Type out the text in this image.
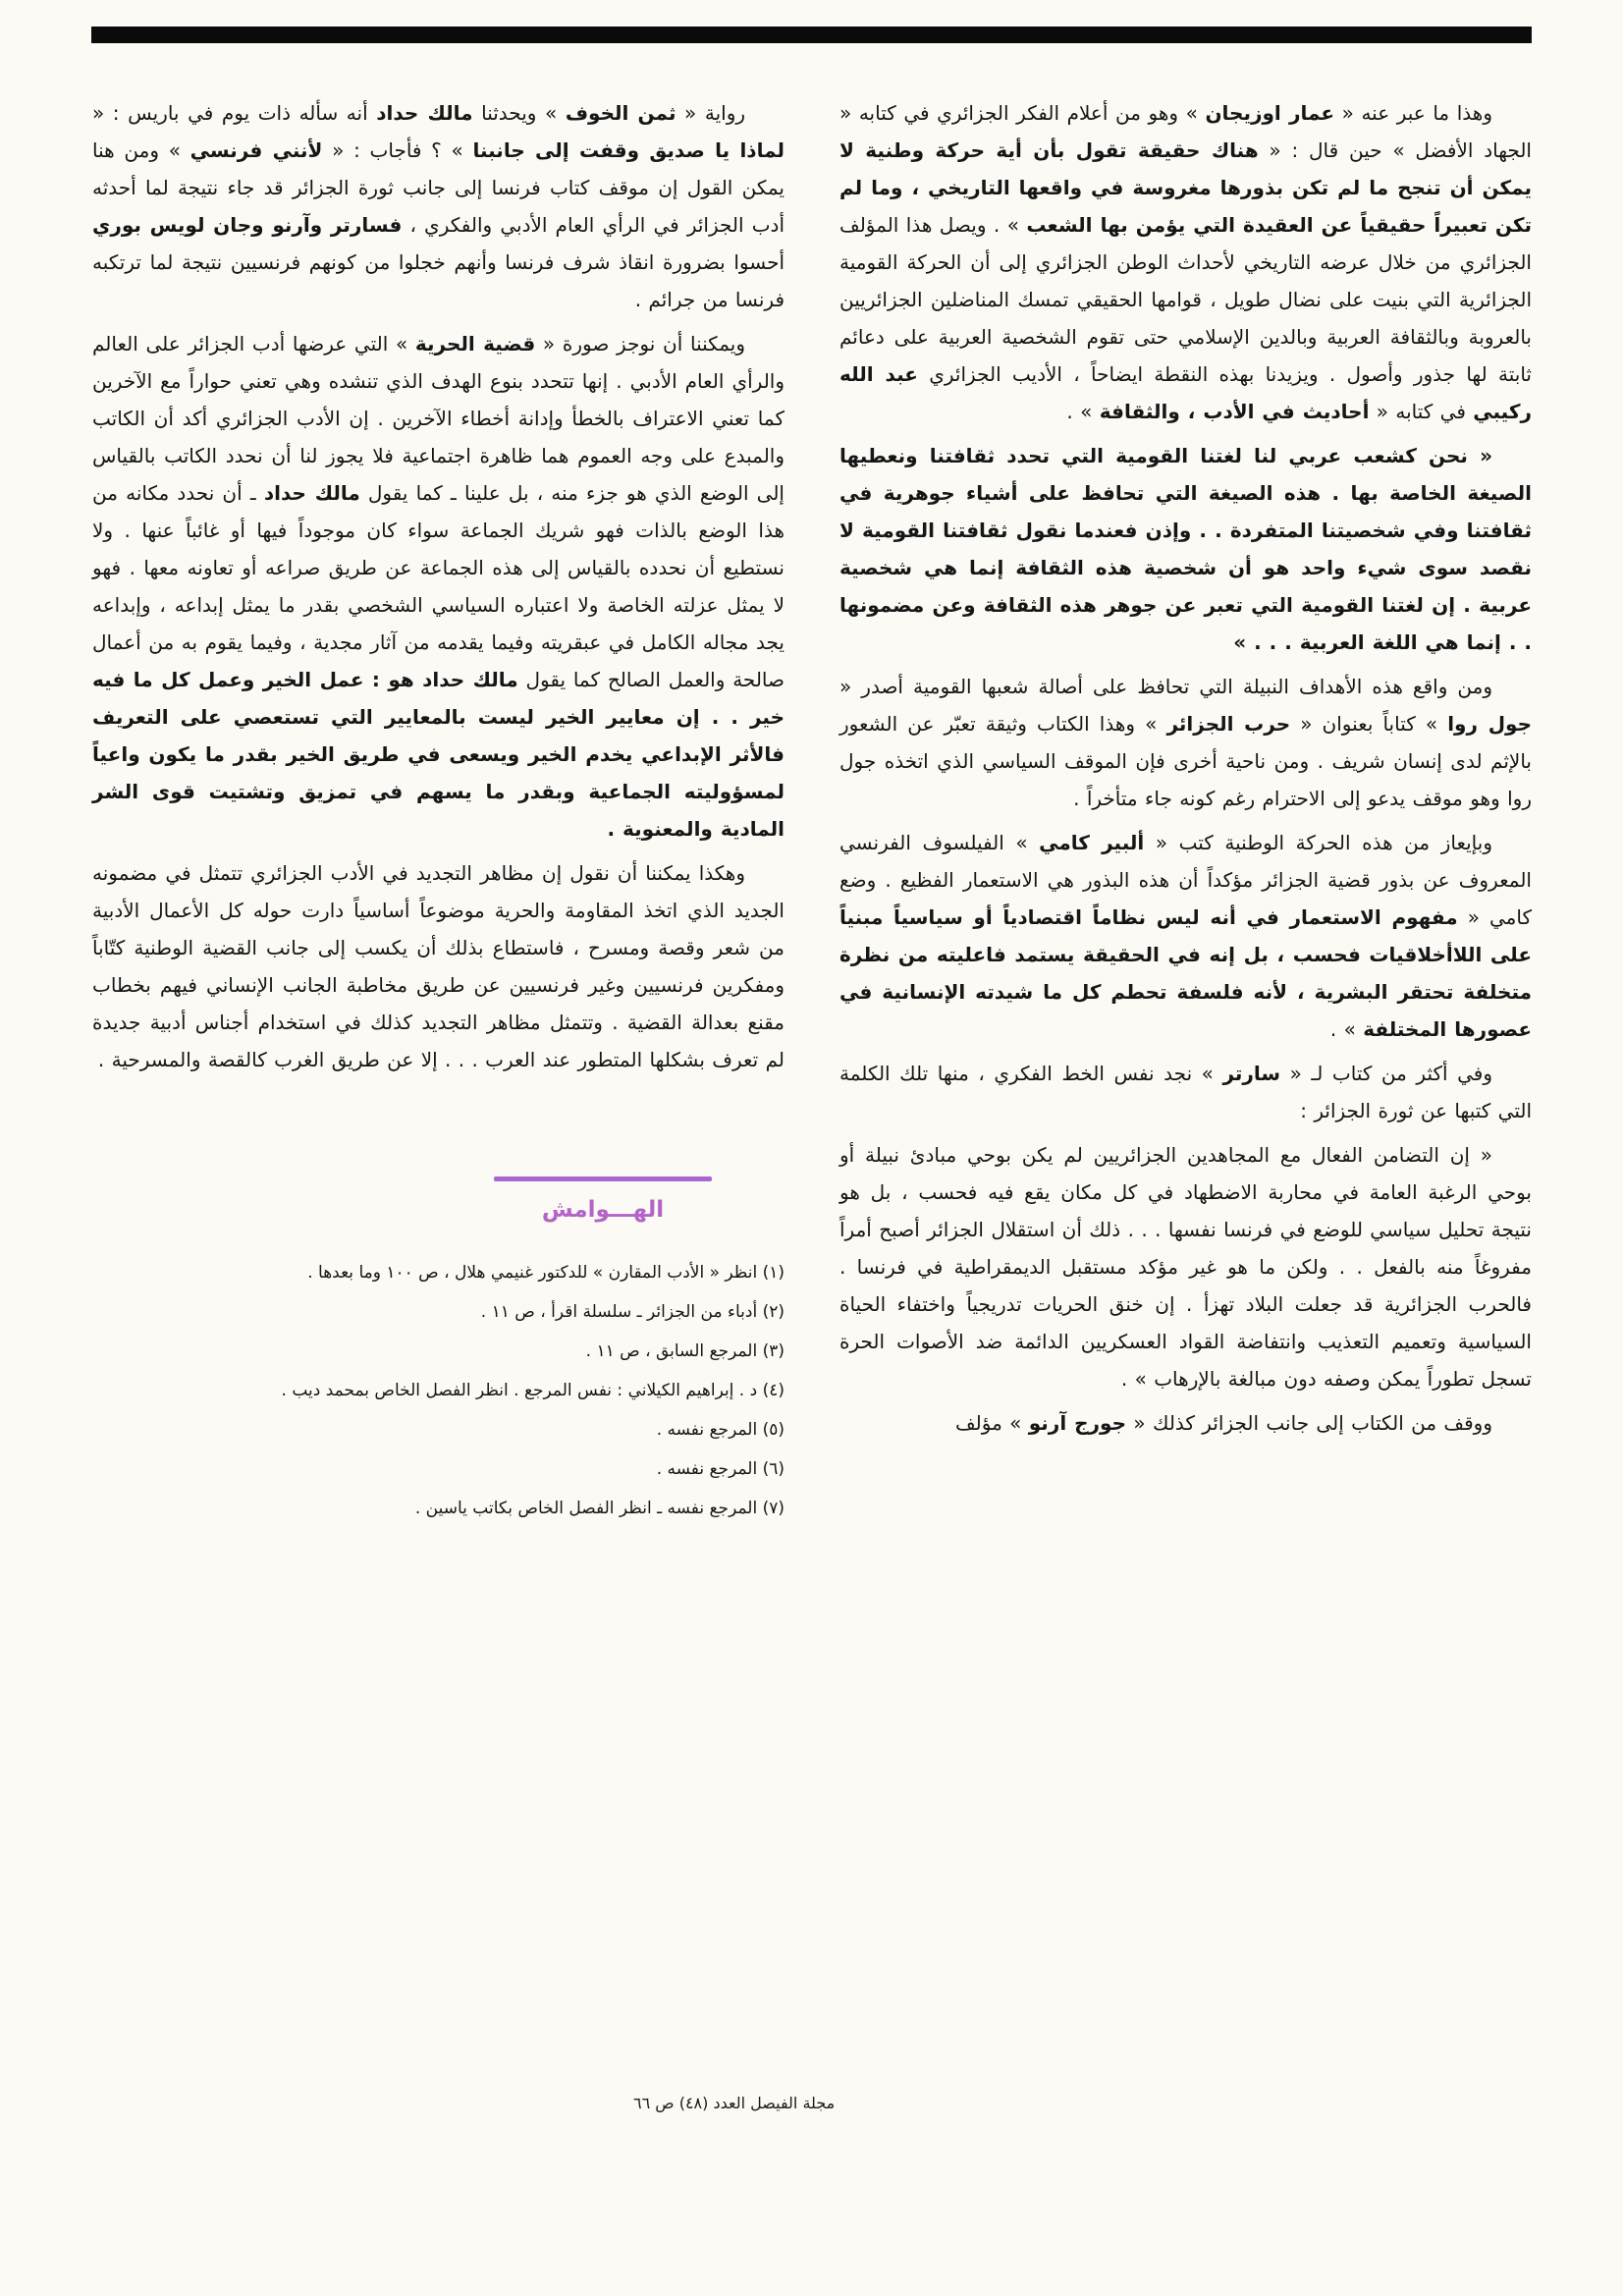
وهذا ما عبر عنه « عمار اوزيجان » وهو من أعلام الفكر الجزائري في كتابه « الجهاد الأفضل » حين قال : « هناك حقيقة تقول بأن أية حركة وطنية لا يمكن أن تنجح ما لم تكن بذورها مغروسة في واقعها التاريخي ، وما لم تكن تعبيراً حقيقياً عن العقيدة التي يؤمن بها الشعب » . ويصل هذا المؤلف الجزائري من خلال عرضه التاريخي لأحداث الوطن الجزائري إلى أن الحركة القومية الجزائرية التي بنيت على نضال طويل ، قوامها الحقيقي تمسك المناضلين الجزائريين بالعروبة وبالثقافة العربية وبالدين الإسلامي حتى تقوم الشخصية العربية على دعائم ثابتة لها جذور وأصول . ويزيدنا بهذه النقطة ايضاحاً ، الأديب الجزائري عبد الله ركيبي في كتابه « أحاديث في الأدب ، والثقافة » .

« نحن كشعب عربي لنا لغتنا القومية التي تحدد ثقافتنا ونعطيها الصيغة الخاصة بها . هذه الصيغة التي تحافظ على أشياء جوهرية في ثقافتنا وفي شخصيتنا المتفردة . . وإذن فعندما نقول ثقافتنا القومية لا نقصد سوى شيء واحد هو أن شخصية هذه الثقافة إنما هي شخصية عربية . إن لغتنا القومية التي تعبر عن جوهر هذه الثقافة وعن مضمونها . . إنما هي اللغة العربية . . . »

ومن واقع هذه الأهداف النبيلة التي تحافظ على أصالة شعبها القومية أصدر « جول روا » كتاباً بعنوان « حرب الجزائر » وهذا الكتاب وثيقة تعبّر عن الشعور بالإثم لدى إنسان شريف . ومن ناحية أخرى فإن الموقف السياسي الذي اتخذه جول روا وهو موقف يدعو إلى الاحترام رغم كونه جاء متأخراً .

وبإيعاز من هذه الحركة الوطنية كتب « ألبير كامي » الفيلسوف الفرنسي المعروف عن بذور قضية الجزائر مؤكداً أن هذه البذور هي الاستعمار الفظيع . وضع كامي « مفهوم الاستعمار في أنه ليس نظاماً اقتصادياً أو سياسياً مبنياً على اللاأخلاقيات فحسب ، بل إنه في الحقيقة يستمد فاعليته من نظرة متخلفة تحتقر البشرية ، لأنه فلسفة تحطم كل ما شيدته الإنسانية في عصورها المختلفة » .

وفي أكثر من كتاب لـ « سارتر » نجد نفس الخط الفكري ، منها تلك الكلمة التي كتبها عن ثورة الجزائر :

« إن التضامن الفعال مع المجاهدين الجزائريين لم يكن بوحي مبادئ نبيلة أو بوحي الرغبة العامة في محاربة الاضطهاد في كل مكان يقع فيه فحسب ، بل هو نتيجة تحليل سياسي للوضع في فرنسا نفسها . . . ذلك أن استقلال الجزائر أصبح أمراً مفروغاً منه بالفعل . . ولكن ما هو غير مؤكد مستقبل الديمقراطية في فرنسا . فالحرب الجزائرية قد جعلت البلاد تهزأ . إن خنق الحريات تدريجياً واختفاء الحياة السياسية وتعميم التعذيب وانتفاضة القواد العسكريين الدائمة ضد الأصوات الحرة تسجل تطوراً يمكن وصفه دون مبالغة بالإرهاب » .

ووقف من الكتاب إلى جانب الجزائر كذلك « جورج آرنو » مؤلف

رواية « ثمن الخوف » ويحدثنا مالك حداد أنه سأله ذات يوم في باريس : « لماذا يا صديق وقفت إلى جانبنا » ؟ فأجاب : « لأنني فرنسي » ومن هنا يمكن القول إن موقف كتاب فرنسا إلى جانب ثورة الجزائر قد جاء نتيجة لما أحدثه أدب الجزائر في الرأي العام الأدبي والفكري ، فسارتر وآرنو وجان لويس بوري أحسوا بضرورة انقاذ شرف فرنسا وأنهم خجلوا من كونهم فرنسيين نتيجة لما ترتكبه فرنسا من جرائم .

ويمكننا أن نوجز صورة « قضية الحرية » التي عرضها أدب الجزائر على العالم والرأي العام الأدبي . إنها تتحدد بنوع الهدف الذي تنشده وهي تعني حواراً مع الآخرين كما تعني الاعتراف بالخطأ وإدانة أخطاء الآخرين . إن الأدب الجزائري أكد أن الكاتب والمبدع على وجه العموم هما ظاهرة اجتماعية فلا يجوز لنا أن نحدد الكاتب بالقياس إلى الوضع الذي هو جزء منه ، بل علينا ـ كما يقول مالك حداد ـ أن نحدد مكانه من هذا الوضع بالذات فهو شريك الجماعة سواء كان موجوداً فيها أو غائباً عنها . ولا نستطيع أن نحدده بالقياس إلى هذه الجماعة عن طريق صراعه أو تعاونه معها . فهو لا يمثل عزلته الخاصة ولا اعتباره السياسي الشخصي بقدر ما يمثل إبداعه ، وإبداعه يجد مجاله الكامل في عبقريته وفيما يقدمه من آثار مجدية ، وفيما يقوم به من أعمال صالحة والعمل الصالح كما يقول مالك حداد هو : عمل الخير وعمل كل ما فيه خير . . إن معايير الخير ليست بالمعايير التي تستعصي على التعريف فالأثر الإبداعي يخدم الخير ويسعى في طريق الخير بقدر ما يكون واعياً لمسؤوليته الجماعية وبقدر ما يسهم في تمزيق وتشتيت قوى الشر المادية والمعنوية .

وهكذا يمكننا أن نقول إن مظاهر التجديد في الأدب الجزائري تتمثل في مضمونه الجديد الذي اتخذ المقاومة والحرية موضوعاً أساسياً دارت حوله كل الأعمال الأدبية من شعر وقصة ومسرح ، فاستطاع بذلك أن يكسب إلى جانب القضية الوطنية كتّاباً ومفكرين فرنسيين وغير فرنسيين عن طريق مخاطبة الجانب الإنساني فيهم بخطاب مقنع بعدالة القضية . وتتمثل مظاهر التجديد كذلك في استخدام أجناس أدبية جديدة لم تعرف بشكلها المتطور عند العرب . . . إلا عن طريق الغرب كالقصة والمسرحية .

الهـــوامش
(١) انظر « الأدب المقارن » للدكتور غنيمي هلال ، ص ١٠٠ وما بعدها .
(٢) أدباء من الجزائر ـ سلسلة اقرأ ، ص ١١ .
(٣) المرجع السابق ، ص ١١ .
(٤) د . إبراهيم الكيلاني : نفس المرجع . انظر الفصل الخاص بمحمد ديب .
(٥) المرجع نفسه .
(٦) المرجع نفسه .
(٧) المرجع نفسه ـ انظر الفصل الخاص بكاتب ياسين .
مجلة الفيصل العدد (٤٨) ص ٦٦
